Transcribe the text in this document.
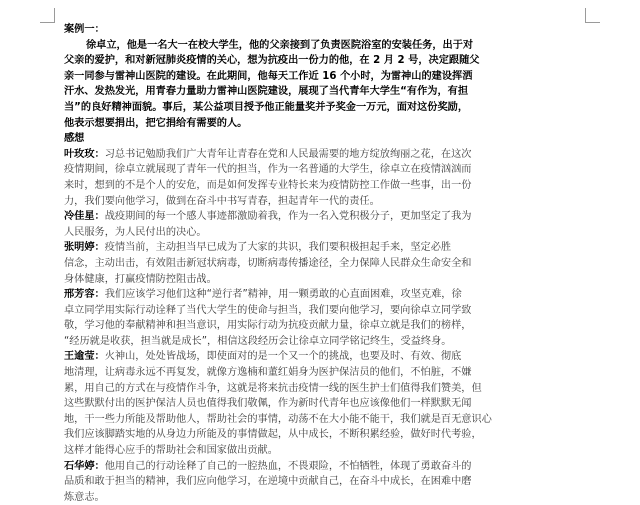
案例一：
徐卓立，他是一名大一在校大学生，他的父亲接到了负责医院浴室的安装任务，出于对
父亲的爱护，和对新冠肺炎疫情的关心，想为抗疫出一份力的他，在 2 月 2 号，决定跟随父
亲一同参与雷神山医院的建设。在此期间，他每天工作近 16 个小时，为雷神山的建设挥洒
汗水、发热发光，用青春力量助力雷神山医院建设，展现了当代青年大学生“有作为，有担
当”的良好精神面貌。事后，某公益项目授予他正能量奖并予奖金一万元，面对这份奖励，
他表示想要捐出，把它捐给有需要的人。
感想
叶玫玫：习总书记勉励我们广大青年让青春在党和人民最需要的地方绽放绚丽之花，在这次
疫情期间，徐卓立就展现了青年一代的担当，作为一名普通的大学生，徐卓立在疫情汹汹而
来时，想到的不是个人的安危，而是如何发挥专业特长来为疫情防控工作做一些事，出一份
力，我们要向他学习，做到在奋斗中书写青春，担起青年一代的责任。
冷佳星：战疫期间的每一个感人事迹都激励着我，作为一名入党积极分子，更加坚定了我为
人民服务，为人民付出的决心。
张明婷：疫情当前，主动担当早已成为了大家的共识，我们要积极担起手来，坚定必胜
信念，主动出击，有效阻击新冠状病毒，切断病毒传播途径，全力保障人民群众生命安全和
身体健康，打赢疫情防控阻击战。
邢芳容：我们应该学习他们这种“逆行者”精神，用一颗勇敢的心直面困难，攻坚克难，徐
卓立同学用实际行动诠释了当代大学生的使命与担当，我们要向他学习，要向徐卓立同学致
敬，学习他的奉献精神和担当意识，用实际行动为抗疫贡献力量，徐卓立就是我们的榜样，
“经历就是收获，担当就是成长”，相信这段经历会让徐卓立同学铭记终生，受益终身。
王逾莹：火神山，处处皆战场，即使面对的是一个又一个的挑战，也要及时、有效、彻底
地清理，让病毒永远不再复发，就像方逸楠和董红娟身为医护保洁员的他们，不怕脏，不嫌
累，用自己的方式在与疫情作斗争，这就是将来抗击疫情一线的医生护士们值得我们赞美，但
这些默默付出的医护保洁人员也值得我们敬佩，作为新时代青年也应该像他们一样默默无闻
地，干一些力所能及帮助他人，帮助社会的事情，动荡不在大小能不能干，我们就是百无意识心
我们应该脚踏实地的从身边力所能及的事情做起，从中成长，不断积累经验，做好时代考验，
这样才能得心应手的帮助社会和国家做出贡献。
石华婷：他用自己的行动诠释了自己的一腔热血，不畏艰险，不怕牺牲，体现了勇敢奋斗的
品质和敢于担当的精神，我们应向他学习，在逆境中贡献自己，在奋斗中成长，在困难中磨
炼意志。
